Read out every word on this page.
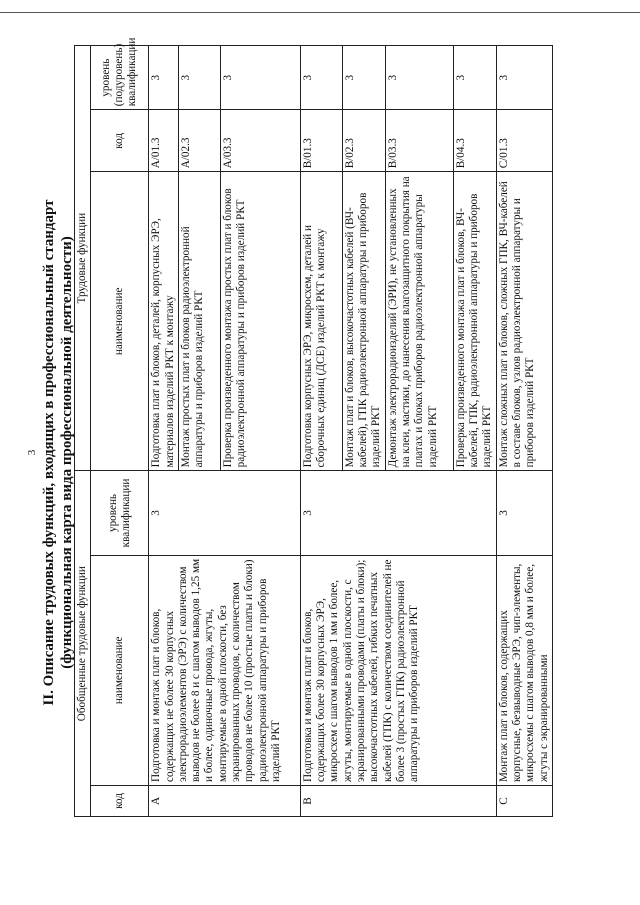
3 II. Описание трудовых функций, входящих в профессиональный стандарт (функциональная карта вида профессиональной деятельности) Обобщенные трудовые функции			Трудовые функции		
код	наименование	уровень квалификации	наименование	код	уровень (подуровень) квалификации
A	Подготовка и монтаж плат и блоков, содержащих не более 30 корпусных электрорадиоэлементов (ЭРЭ) с количеством выводов не более 8 и с шагом выводов 1,25 мм и более, одиночные провода, жгуты, монтируемые в одной плоскости, без экранированных проводов, с количеством проводов не более 10 (простые платы и блоки) радиоэлектронной аппаратуры и приборов изделий РКТ	3	Подготовка плат и блоков, деталей, корпусных ЭРЭ, материалов изделий РКТ к монтажу	A/01.3	3
			Монтаж простых плат и блоков радиоэлектронной аппаратуры и приборов изделий РКТ	A/02.3	3
			Проверка произведенного монтажа простых плат и блоков радиоэлектронной аппаратуры и приборов изделий РКТ	A/03.3	3
B	Подготовка и монтаж плат и блоков, содержащих более 30 корпусных ЭРЭ, микросхем с шагом выводов 1 мм и более, жгуты, монтируемые в одной плоскости, с экранированными проводами (платы и блоки); высокочастотных кабелей, гибких печатных кабелей (ГПК) с количеством соединителей не более 3 (простых ГПК) радиоэлектронной аппаратуры и приборов изделий РКТ	3	Подготовка корпусных ЭРЭ, микросхем, деталей и сборочных единиц (ДСЕ) изделий РКТ к монтажу	B/01.3	3
			Монтаж плат и блоков, высокочастотных кабелей (ВЧ-кабелей), ГПК радиоэлектронной аппаратуры и приборов изделий РКТ	B/02.3	3
			Демонтаж электрорадиоизделий (ЭРИ), не установленных на клеи, мастики, до нанесения влагозащитного покрытия на платах и блоках приборов радиоэлектронной аппаратуры изделий РКТ	B/03.3	3
			Проверка произведенного монтажа плат и блоков, ВЧ-кабелей, ГПК, радиоэлектронной аппаратуры и приборов изделий РКТ	B/04.3	3
C	Монтаж плат и блоков, содержащих корпусные, безвыводные ЭРЭ, чип-элементы, микросхемы с шагом выводов 0,8 мм и более, жгуты с экранированными	3	Монтаж сложных плат и блоков, сложных ГПК, ВЧ-кабелей в составе блоков, узлов радиоэлектронной аппаратуры и приборов изделий РКТ	C/01.3	3
